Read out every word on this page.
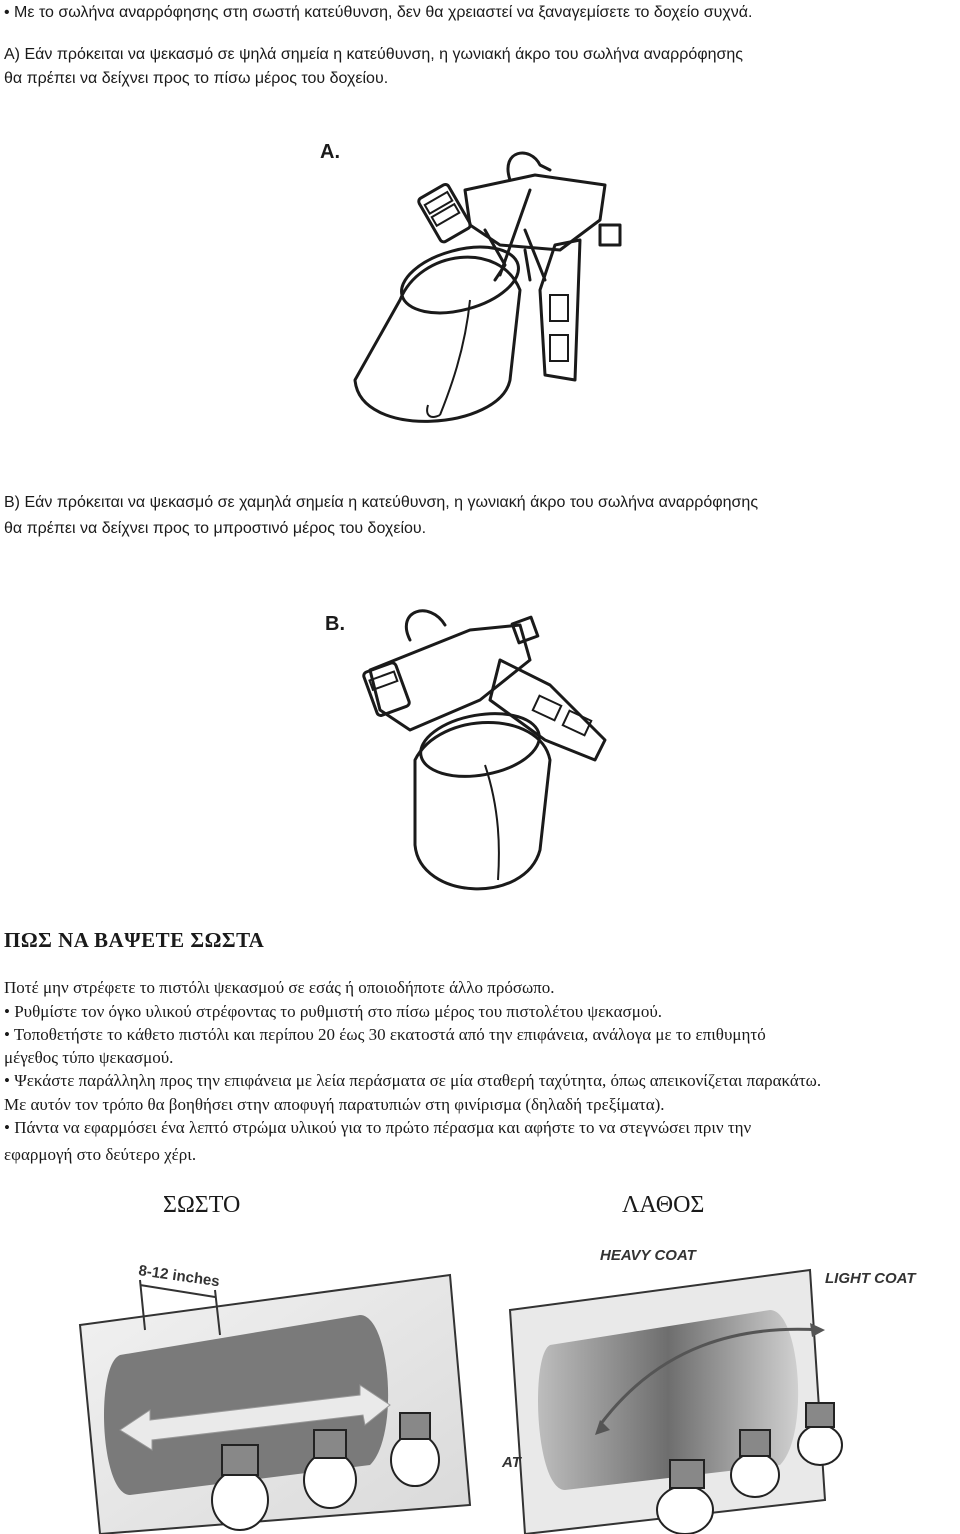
• Με το σωλήνα αναρρόφησης στη σωστή κατεύθυνση, δεν θα χρειαστεί να ξαναγεμίσετε το δοχείο συχνά.

Α) Εάν πρόκειται να ψεκασμό σε ψηλά σημεία η κατεύθυνση, η γωνιακή άκρο του σωλήνα αναρρόφησης

θα πρέπει να δείχνει προς το πίσω μέρος του δοχείου.

A.

Β) Εάν πρόκειται να ψεκασμό σε χαμηλά σημεία η κατεύθυνση, η γωνιακή άκρο του σωλήνα αναρρόφησης

θα πρέπει να δείχνει προς το μπροστινό μέρος του δοχείου.

B.
ΠΩΣ ΝΑ ΒΑΨΕΤΕ ΣΩΣΤΑ

Ποτέ μην στρέφετε το πιστόλι ψεκασμού σε εσάς ή οποιοδήποτε άλλο πρόσωπο.

• Ρυθμίστε τον όγκο υλικού στρέφοντας το ρυθμιστή στο πίσω μέρος του πιστολέτου ψεκασμού.

• Τοποθετήστε το κάθετο πιστόλι και περίπου 20 έως 30 εκατοστά από την επιφάνεια, ανάλογα με το επιθυμητό

μέγεθος τύπο ψεκασμού.

• Ψεκάστε παράλληλη προς την επιφάνεια με λεία περάσματα σε μία σταθερή ταχύτητα, όπως απεικονίζεται παρακάτω.

Με αυτόν τον τρόπο θα βοηθήσει στην αποφυγή παρατυπιών στη φινίρισμα (δηλαδή τρεξίματα).

• Πάντα να εφαρμόσει ένα λεπτό στρώμα υλικού για το πρώτο πέρασμα και αφήστε το να στεγνώσει πριν την

εφαρμογή στο δεύτερο χέρι.

ΣΩΣΤΟ	ΛΑΘΟΣ
8-12 inches
HEAVY COAT
LIGHT COAT
AT
